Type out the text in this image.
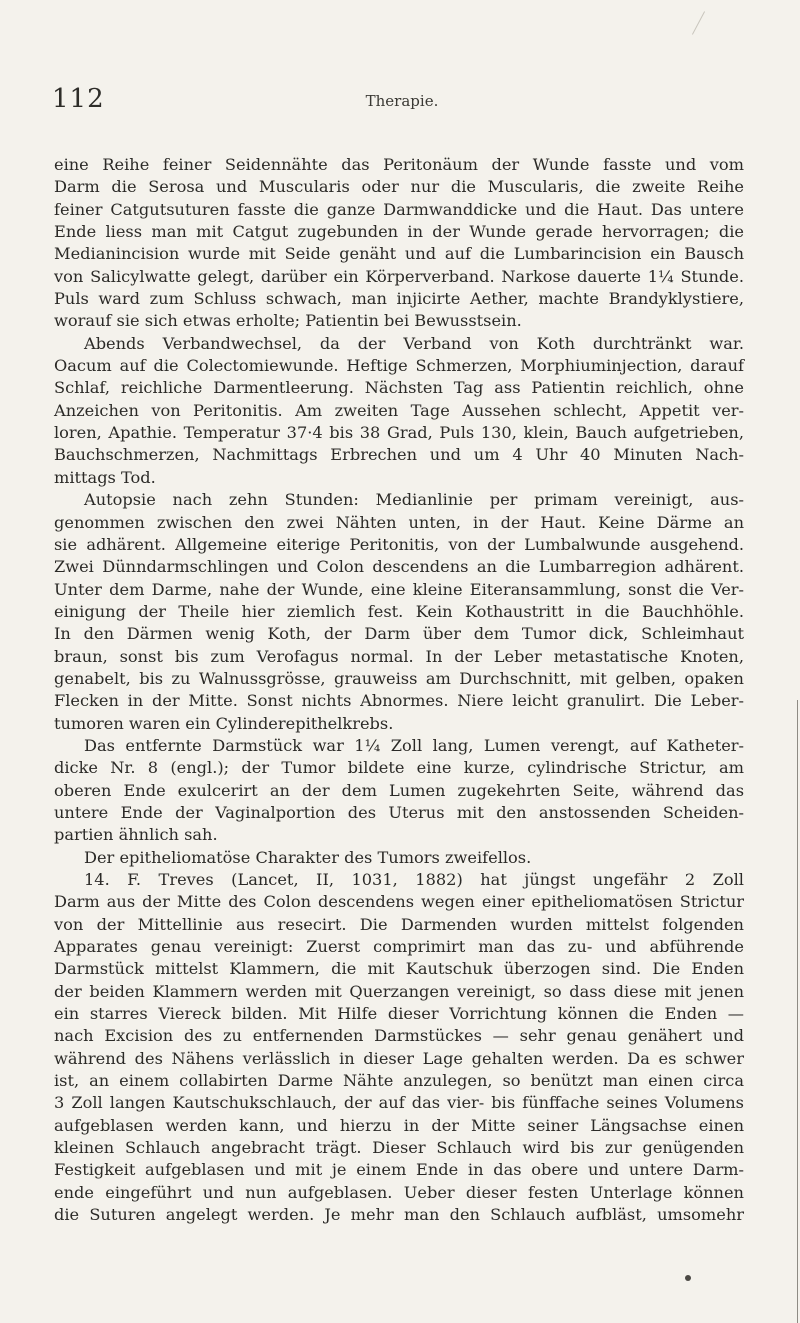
112	Therapie.
eine Reihe feiner Seidennähte das Peritonäum der Wunde fasste und vom
Darm die Serosa und Muscularis oder nur die Muscularis, die zweite Reihe
feiner Catgutsuturen fasste die ganze Darmwanddicke und die Haut. Das untere
Ende liess man mit Catgut zugebunden in der Wunde gerade hervorragen; die
Medianincision wurde mit Seide genäht und auf die Lumbarincision ein Bausch
von Salicylwatte gelegt, darüber ein Körperverband. Narkose dauerte 1¼ Stunde.
Puls ward zum Schluss schwach, man injicirte Aether, machte Brandyklystiere,
worauf sie sich etwas erholte; Patientin bei Bewusstsein.
Abends Verbandwechsel, da der Verband von Koth durchtränkt war.
Oacum auf die Colectomiewunde. Heftige Schmerzen, Morphiuminjection, darauf
Schlaf, reichliche Darmentleerung. Nächsten Tag ass Patientin reichlich, ohne
Anzeichen von Peritonitis. Am zweiten Tage Aussehen schlecht, Appetit ver-
loren, Apathie. Temperatur 37·4 bis 38 Grad, Puls 130, klein, Bauch aufgetrieben,
Bauchschmerzen, Nachmittags Erbrechen und um 4 Uhr 40 Minuten Nach-
mittags Tod.
Autopsie nach zehn Stunden: Medianlinie per primam vereinigt, aus-
genommen zwischen den zwei Nähten unten, in der Haut. Keine Därme an
sie adhärent. Allgemeine eiterige Peritonitis, von der Lumbalwunde ausgehend.
Zwei Dünndarmschlingen und Colon descendens an die Lumbarregion adhärent.
Unter dem Darme, nahe der Wunde, eine kleine Eiteransammlung, sonst die Ver-
einigung der Theile hier ziemlich fest. Kein Kothaustritt in die Bauchhöhle.
In den Därmen wenig Koth, der Darm über dem Tumor dick, Schleimhaut
braun, sonst bis zum Verofagus normal. In der Leber metastatische Knoten,
genabelt, bis zu Walnussgrösse, grauweiss am Durchschnitt, mit gelben, opaken
Flecken in der Mitte. Sonst nichts Abnormes. Niere leicht granulirt. Die Leber-
tumoren waren ein Cylinderepithelkrebs.
Das entfernte Darmstück war 1¼ Zoll lang, Lumen verengt, auf Katheter-
dicke Nr. 8 (engl.); der Tumor bildete eine kurze, cylindrische Strictur, am
oberen Ende exulcerirt an der dem Lumen zugekehrten Seite, während das
untere Ende der Vaginalportion des Uterus mit den anstossenden Scheiden-
partien ähnlich sah.
Der epitheliomatöse Charakter des Tumors zweifellos.
14. F. Treves (Lancet, II, 1031, 1882) hat jüngst ungefähr 2 Zoll
Darm aus der Mitte des Colon descendens wegen einer epitheliomatösen Strictur
von der Mittellinie aus resecirt. Die Darmenden wurden mittelst folgenden
Apparates genau vereinigt: Zuerst comprimirt man das zu- und abführende
Darmstück mittelst Klammern, die mit Kautschuk überzogen sind. Die Enden
der beiden Klammern werden mit Querzangen vereinigt, so dass diese mit jenen
ein starres Viereck bilden. Mit Hilfe dieser Vorrichtung können die Enden —
nach Excision des zu entfernenden Darmstückes — sehr genau genähert und
während des Nähens verlässlich in dieser Lage gehalten werden. Da es schwer
ist, an einem collabirten Darme Nähte anzulegen, so benützt man einen circa
3 Zoll langen Kautschukschlauch, der auf das vier- bis fünffache seines Volumens
aufgeblasen werden kann, und hierzu in der Mitte seiner Längsachse einen
kleinen Schlauch angebracht trägt. Dieser Schlauch wird bis zur genügenden
Festigkeit aufgeblasen und mit je einem Ende in das obere und untere Darm-
ende eingeführt und nun aufgeblasen. Ueber dieser festen Unterlage können
die Suturen angelegt werden. Je mehr man den Schlauch aufbläst, umsomehr
